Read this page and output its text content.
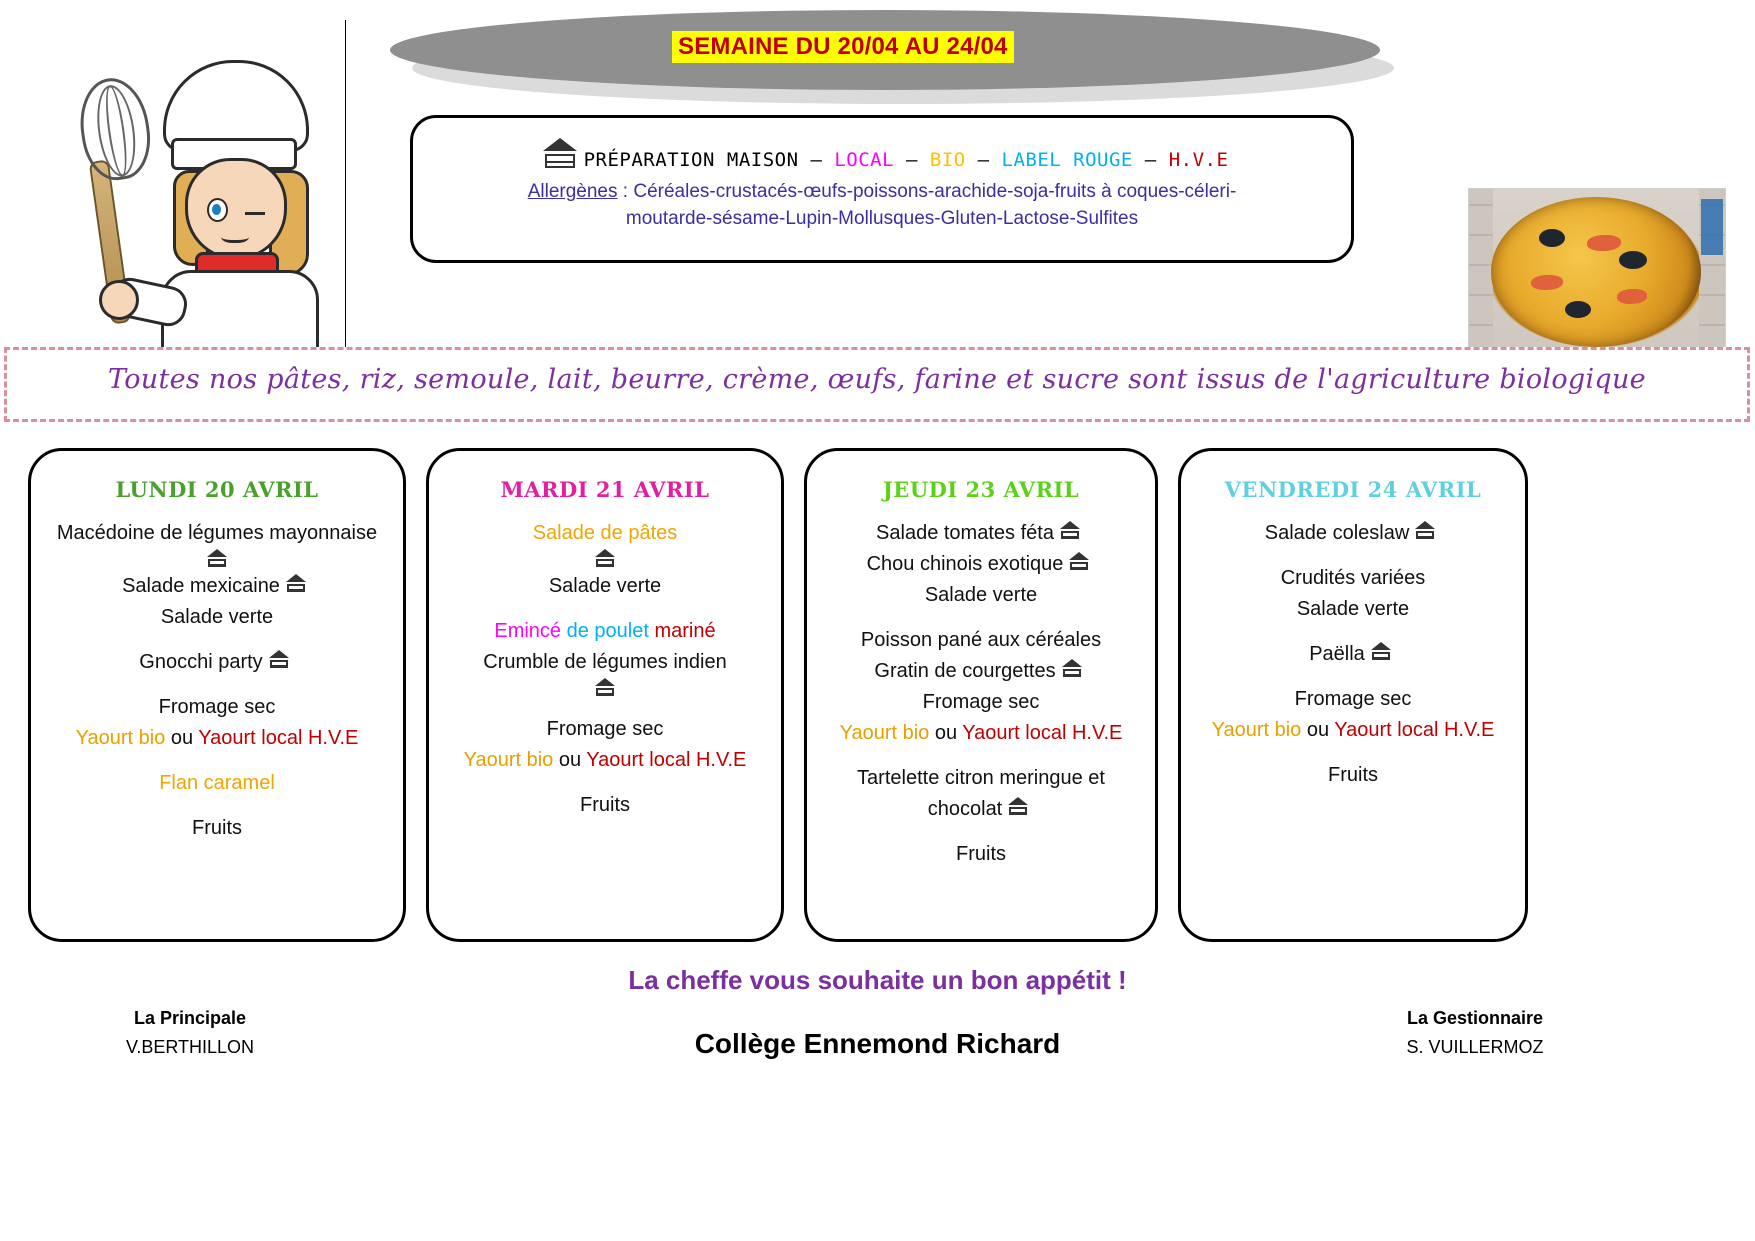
SEMAINE DU 20/04 AU 24/04
PRÉPARATION MAISON – LOCAL – BIO – LABEL ROUGE – H.V.E
Allergènes : Céréales-crustacés-œufs-poissons-arachide-soja-fruits à coques-céleri-
moutarde-sésame-Lupin-Mollusques-Gluten-Lactose-Sulfites
Toutes nos pâtes, riz, semoule, lait, beurre, crème, œufs, farine et sucre sont issus de l'agriculture biologique
LUNDI 20 AVRIL
Macédoine de légumes mayonnaise
Salade mexicaine
Salade verte
Gnocchi party
Fromage sec
Yaourt bio ou Yaourt local H.V.E
Flan caramel
Fruits
MARDI 21 AVRIL
Salade de pâtes
Salade verte
Emincé de poulet mariné
Crumble de légumes indien
Fromage sec
Yaourt bio ou Yaourt local H.V.E
Fruits
JEUDI 23 AVRIL
Salade tomates féta
Chou chinois exotique
Salade verte
Poisson pané aux céréales
Gratin de courgettes
Fromage sec
Yaourt bio ou Yaourt local H.V.E
Tartelette citron meringue et
chocolat
Fruits
VENDREDI 24 AVRIL
Salade coleslaw
Crudités variées
Salade verte
Paëlla
Fromage sec
Yaourt bio ou Yaourt local H.V.E
Fruits
La cheffe vous souhaite un bon appétit !
Collège Ennemond Richard
La Principale
V.BERTHILLON
La Gestionnaire
S. VUILLERMOZ
